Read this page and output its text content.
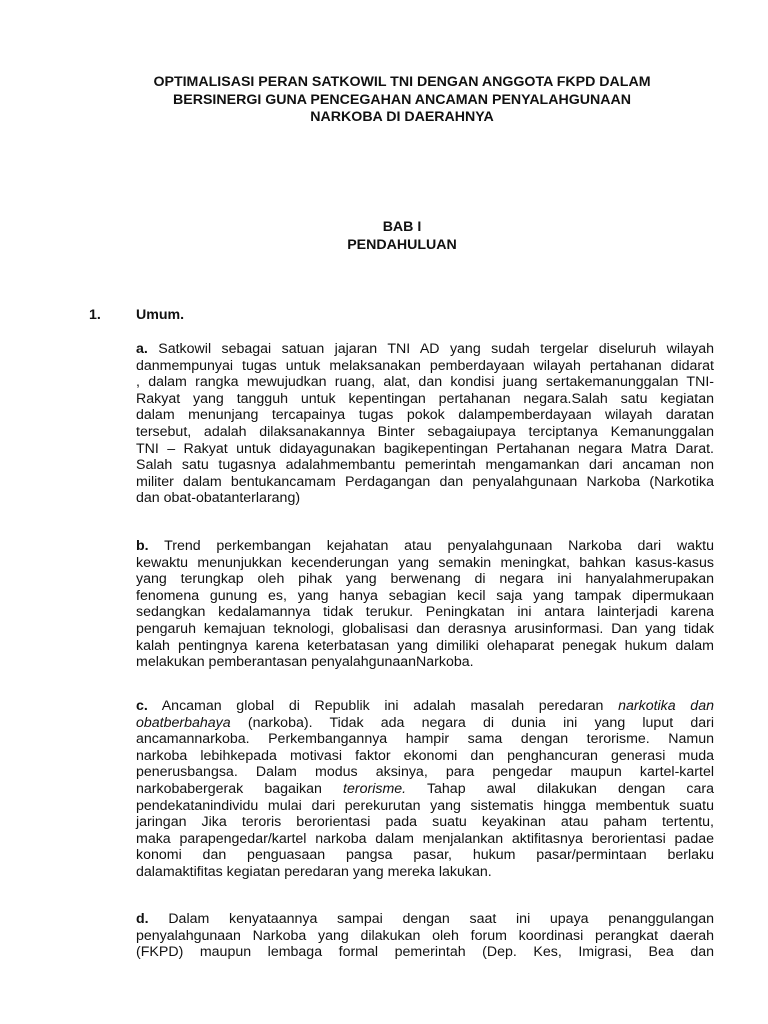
OPTIMALISASI PERAN SATKOWIL TNI DENGAN ANGGOTA FKPD DALAM
BERSINERGI GUNA PENCEGAHAN ANCAMAN PENYALAHGUNAAN
NARKOBA DI DAERAHNYA
BAB I
PENDAHULUAN
1. Umum.
a. Satkowil sebagai satuan jajaran TNI AD yang sudah tergelar diseluruh wilayah
danmempunyai tugas untuk melaksanakan pemberdayaan wilayah pertahanan didarat
, dalam rangka mewujudkan ruang, alat, dan kondisi juang sertakemanunggalan TNI-
Rakyat yang tangguh untuk kepentingan pertahanan negara.Salah satu kegiatan
dalam menunjang tercapainya tugas pokok dalampemberdayaan wilayah daratan
tersebut, adalah dilaksanakannya Binter sebagaiupaya terciptanya Kemanunggalan
TNI – Rakyat untuk didayagunakan bagikepentingan Pertahanan negara Matra Darat.
Salah satu tugasnya adalahmembantu pemerintah mengamankan dari ancaman non
militer dalam bentukancamam Perdagangan dan penyalahgunaan Narkoba (Narkotika
dan obat-obatanterlarang)
b. Trend perkembangan kejahatan atau penyalahgunaan Narkoba dari waktu
kewaktu menunjukkan kecenderungan yang semakin meningkat, bahkan kasus-kasus
yang terungkap oleh pihak yang berwenang di negara ini hanyalahmerupakan
fenomena gunung es, yang hanya sebagian kecil saja yang tampak dipermukaan
sedangkan kedalamannya tidak terukur. Peningkatan ini antara lainterjadi karena
pengaruh kemajuan teknologi, globalisasi dan derasnya arusinformasi. Dan yang tidak
kalah pentingnya karena keterbatasan yang dimiliki olehaparat penegak hukum dalam
melakukan pemberantasan penyalahgunaanNarkoba.
c. Ancaman global di Republik ini adalah masalah peredaran narkotika dan
obatberbahaya (narkoba). Tidak ada negara di dunia ini yang luput dari
ancamannarkoba. Perkembangannya hampir sama dengan terorisme. Namun
narkoba lebihkepada motivasi faktor ekonomi dan penghancuran generasi muda
penerusbangsa. Dalam modus aksinya, para pengedar maupun kartel-kartel
narkobabergerak bagaikan terorisme. Tahap awal dilakukan dengan cara
pendekatanindividu mulai dari perekurutan yang sistematis hingga membentuk suatu
jaringan Jika teroris berorientasi pada suatu keyakinan atau paham tertentu,
maka parapengedar/kartel narkoba dalam menjalankan aktifitasnya berorientasi padae
konomi dan penguasaan pangsa pasar, hukum pasar/permintaan berlaku
dalamaktifitas kegiatan peredaran yang mereka lakukan.
d. Dalam kenyataannya sampai dengan saat ini upaya penanggulangan
penyalahgunaan Narkoba yang dilakukan oleh forum koordinasi perangkat daerah
(FKPD) maupun lembaga formal pemerintah (Dep. Kes, Imigrasi, Bea dan
